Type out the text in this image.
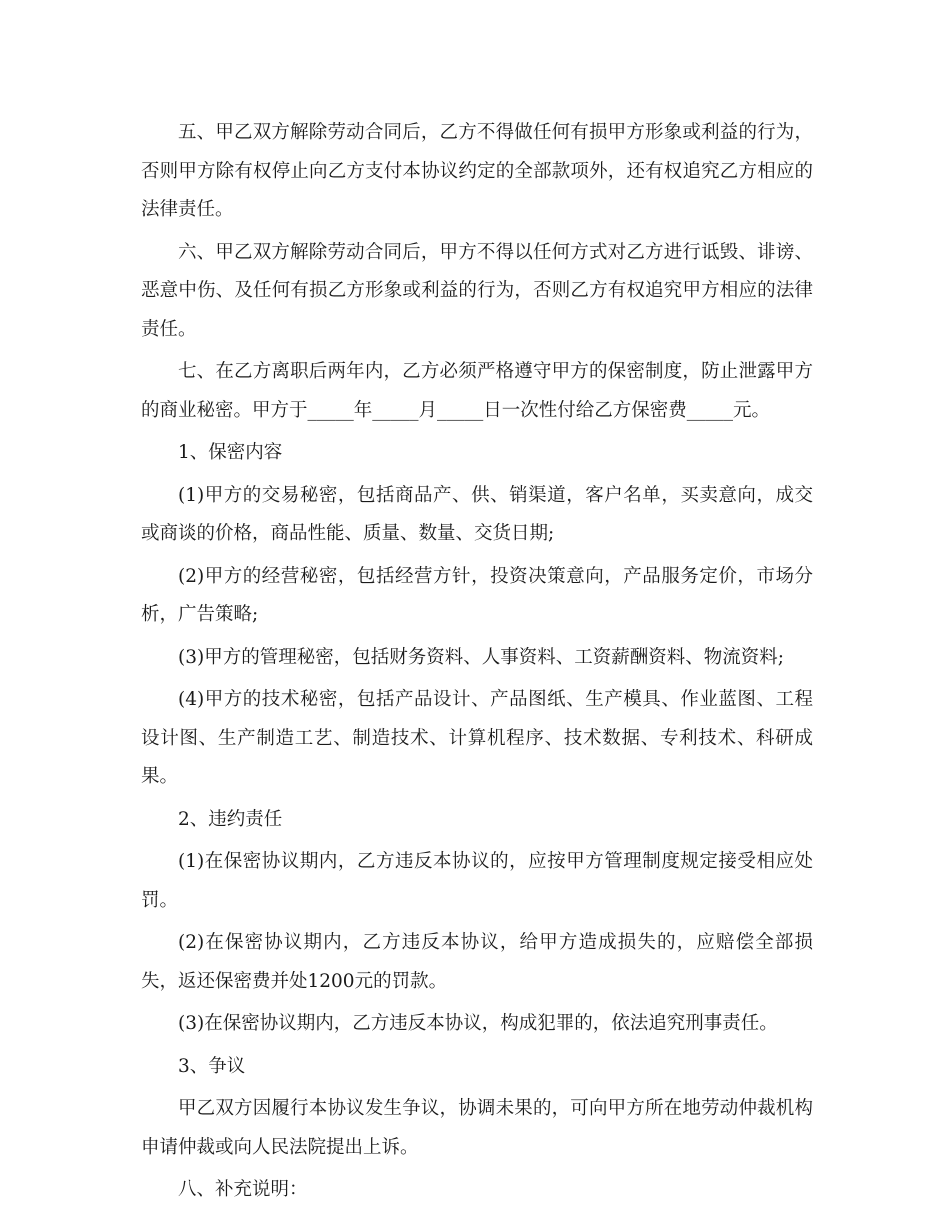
五、甲乙双方解除劳动合同后，乙方不得做任何有损甲方形象或利益的行为，否则甲方除有权停止向乙方支付本协议约定的全部款项外，还有权追究乙方相应的法律责任。

六、甲乙双方解除劳动合同后，甲方不得以任何方式对乙方进行诋毁、诽谤、恶意中伤、及任何有损乙方形象或利益的行为，否则乙方有权追究甲方相应的法律责任。

七、在乙方离职后两年内，乙方必须严格遵守甲方的保密制度，防止泄露甲方的商业秘密。甲方于_____年_____月_____日一次性付给乙方保密费_____元。

1、保密内容

(1)甲方的交易秘密，包括商品产、供、销渠道，客户名单，买卖意向，成交或商谈的价格，商品性能、质量、数量、交货日期;

(2)甲方的经营秘密，包括经营方针，投资决策意向，产品服务定价，市场分析，广告策略;

(3)甲方的管理秘密，包括财务资料、人事资料、工资薪酬资料、物流资料;

(4)甲方的技术秘密，包括产品设计、产品图纸、生产模具、作业蓝图、工程设计图、生产制造工艺、制造技术、计算机程序、技术数据、专利技术、科研成果。

2、违约责任

(1)在保密协议期内，乙方违反本协议的，应按甲方管理制度规定接受相应处罚。

(2)在保密协议期内，乙方违反本协议，给甲方造成损失的，应赔偿全部损失，返还保密费并处1200元的罚款。

(3)在保密协议期内，乙方违反本协议，构成犯罪的，依法追究刑事责任。

3、争议

甲乙双方因履行本协议发生争议，协调未果的，可向甲方所在地劳动仲裁机构申请仲裁或向人民法院提出上诉。

八、补充说明：
